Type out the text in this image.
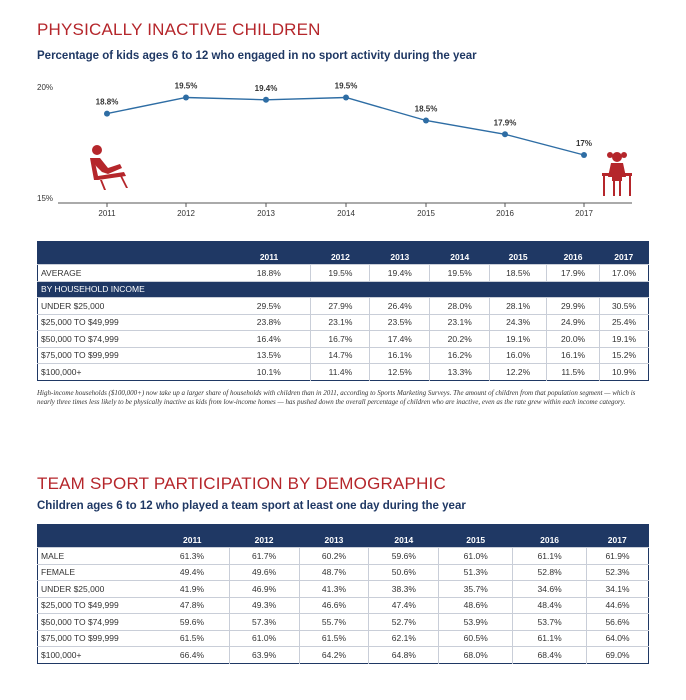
PHYSICALLY INACTIVE CHILDREN
Percentage of kids ages 6 to 12 who engaged in no sport activity during the year
20%
15%
18.8%
19.5%	19.4%	19.5%
18.5%
17.9%
17%
2011	2012	2013	2014	2015	2016	2017
	2011	2012	2013	2014	2015	2016	2017
AVERAGE	18.8%	19.5%	19.4%	19.5%	18.5%	17.9%	17.0%
BY HOUSEHOLD INCOME							
UNDER $25,000	29.5%	27.9%	26.4%	28.0%	28.1%	29.9%	30.5%
$25,000 TO $49,999	23.8%	23.1%	23.5%	23.1%	24.3%	24.9%	25.4%
$50,000 TO $74,999	16.4%	16.7%	17.4%	20.2%	19.1%	20.0%	19.1%
$75,000 TO $99,999	13.5%	14.7%	16.1%	16.2%	16.0%	16.1%	15.2%
$100,000+	10.1%	11.4%	12.5%	13.3%	12.2%	11.5%	10.9%
High-income households ($100,000+) now take up a larger share of households with children than in 2011, according to Sports Marketing Surveys. The amount of children from that population segment — which is nearly three times less likely to be physically inactive as kids from low-income homes — has pushed down the overall percentage of children who are inactive, even as the rate grew within each income category.
TEAM SPORT PARTICIPATION BY DEMOGRAPHIC
Children ages 6 to 12 who played a team sport at least one day during the year
	2011	2012	2013	2014	2015	2016	2017
MALE	61.3%	61.7%	60.2%	59.6%	61.0%	61.1%	61.9%
FEMALE	49.4%	49.6%	48.7%	50.6%	51.3%	52.8%	52.3%
UNDER $25,000	41.9%	46.9%	41.3%	38.3%	35.7%	34.6%	34.1%
$25,000 TO $49,999	47.8%	49.3%	46.6%	47.4%	48.6%	48.4%	44.6%
$50,000 TO $74,999	59.6%	57.3%	55.7%	52.7%	53.9%	53.7%	56.6%
$75,000 TO $99,999	61.5%	61.0%	61.5%	62.1%	60.5%	61.1%	64.0%
$100,000+	66.4%	63.9%	64.2%	64.8%	68.0%	68.4%	69.0%
